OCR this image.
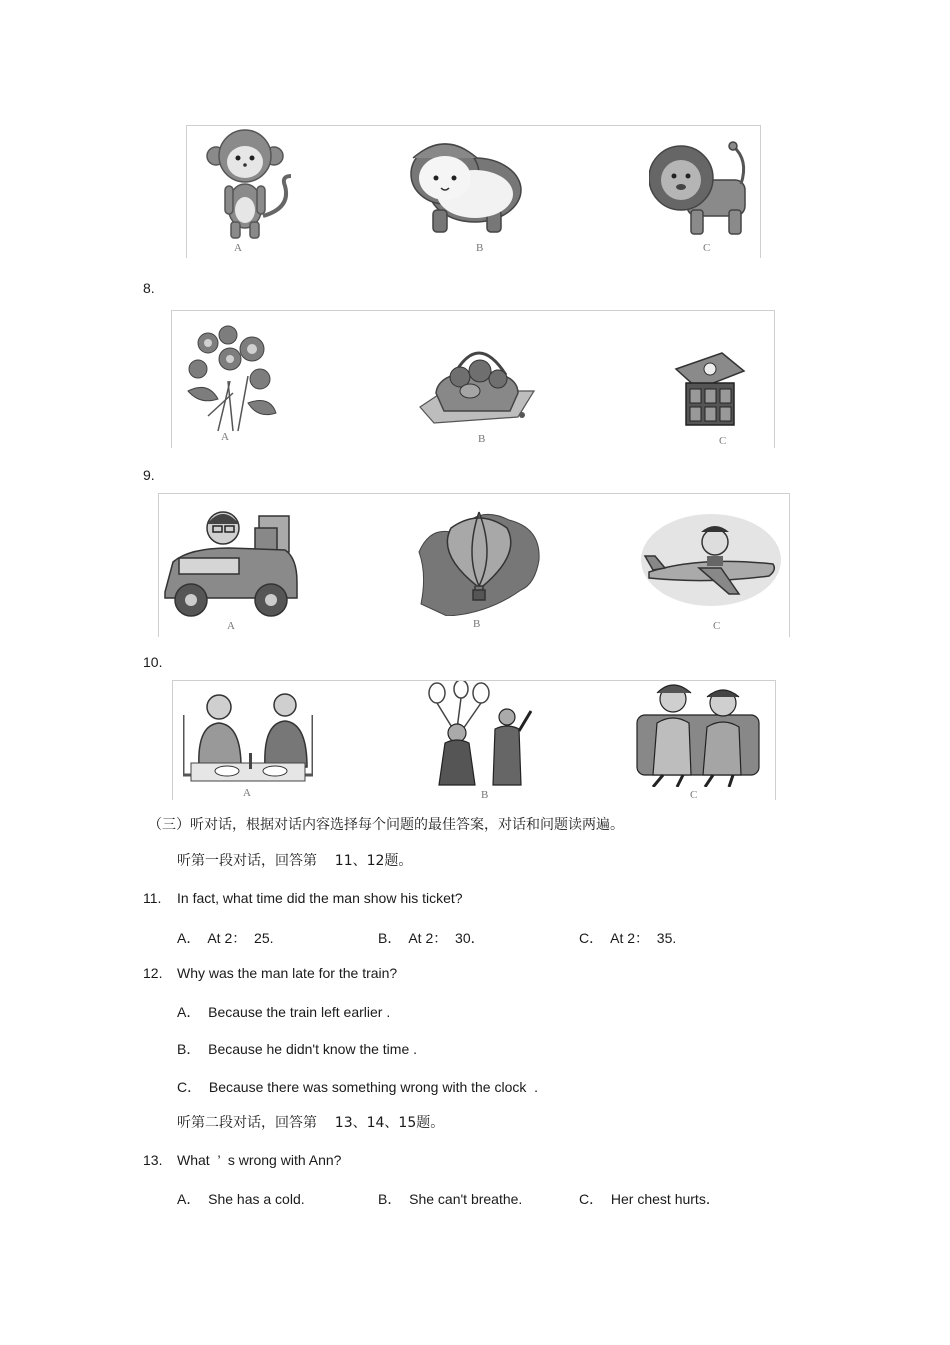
A	B	C
8.
A	B	C
9.
A	B	C
10.
A	B	C
（三）听对话，根据对话内容选择每个问题的最佳答案，对话和问题读两遍。
听第一段对话，回答第    11、12题。
11. In fact, what time did the man show his ticket?
A．  At 2：  25.	B．  At 2：  30．	C．  At 2：  35.
12. Why was the man late for the train?
A．  Because the train left earlier .
B．  Because he didn't know the time .
C．  Because there was something wrong with the clock  .
听第二段对话，回答第    13、14、15题。
13. What  ’  s wrong with Ann?
A．  She has a cold.	B．  She can't breathe.	C．  Her chest hurts．
